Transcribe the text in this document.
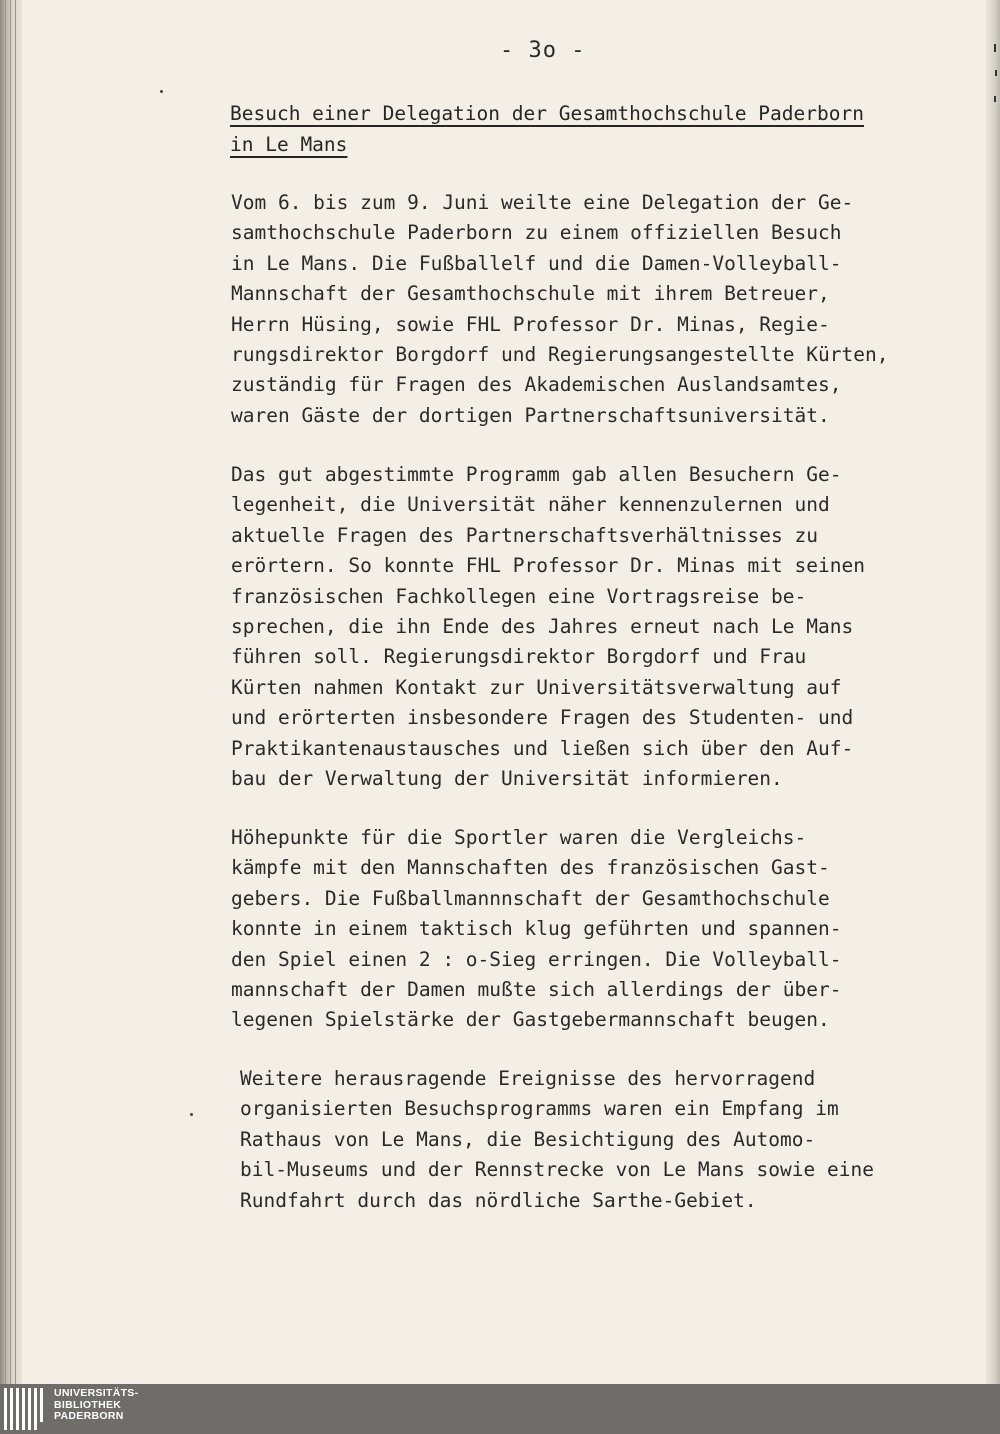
- 3o -
Besuch einer Delegation der Gesamthochschule Paderborn
in Le Mans
Vom 6. bis zum 9. Juni weilte eine Delegation der Ge-
samthochschule Paderborn zu einem offiziellen Besuch
in Le Mans. Die Fußballelf und die Damen-Volleyball-
Mannschaft der Gesamthochschule mit ihrem Betreuer,
Herrn Hüsing, sowie FHL Professor Dr. Minas, Regie-
rungsdirektor Borgdorf und Regierungsangestellte Kürten,
zuständig für Fragen des Akademischen Auslandsamtes,
waren Gäste der dortigen Partnerschaftsuniversität.
Das gut abgestimmte Programm gab allen Besuchern Ge-
legenheit, die Universität näher kennenzulernen und
aktuelle Fragen des Partnerschaftsverhältnisses zu
erörtern. So konnte FHL Professor Dr. Minas mit seinen
französischen Fachkollegen eine Vortragsreise be-
sprechen, die ihn Ende des Jahres erneut nach Le Mans
führen soll. Regierungsdirektor Borgdorf und Frau
Kürten nahmen Kontakt zur Universitätsverwaltung auf
und erörterten insbesondere Fragen des Studenten- und
Praktikantenaustausches und ließen sich über den Auf-
bau der Verwaltung der Universität informieren.
Höhepunkte für die Sportler waren die Vergleichs-
kämpfe mit den Mannschaften des französischen Gast-
gebers. Die Fußballmannnschaft der Gesamthochschule
konnte in einem taktisch klug geführten und spannen-
den Spiel einen 2 : o-Sieg erringen. Die Volleyball-
mannschaft der Damen mußte sich allerdings der über-
legenen Spielstärke der Gastgebermannschaft beugen.
Weitere herausragende Ereignisse des hervorragend
organisierten Besuchsprogramms waren ein Empfang im
Rathaus von Le Mans, die Besichtigung des Automo-
bil-Museums und der Rennstrecke von Le Mans sowie eine
Rundfahrt durch das nördliche Sarthe-Gebiet.
UNIVERSITÄTS-
BIBLIOTHEK
PADERBORN
